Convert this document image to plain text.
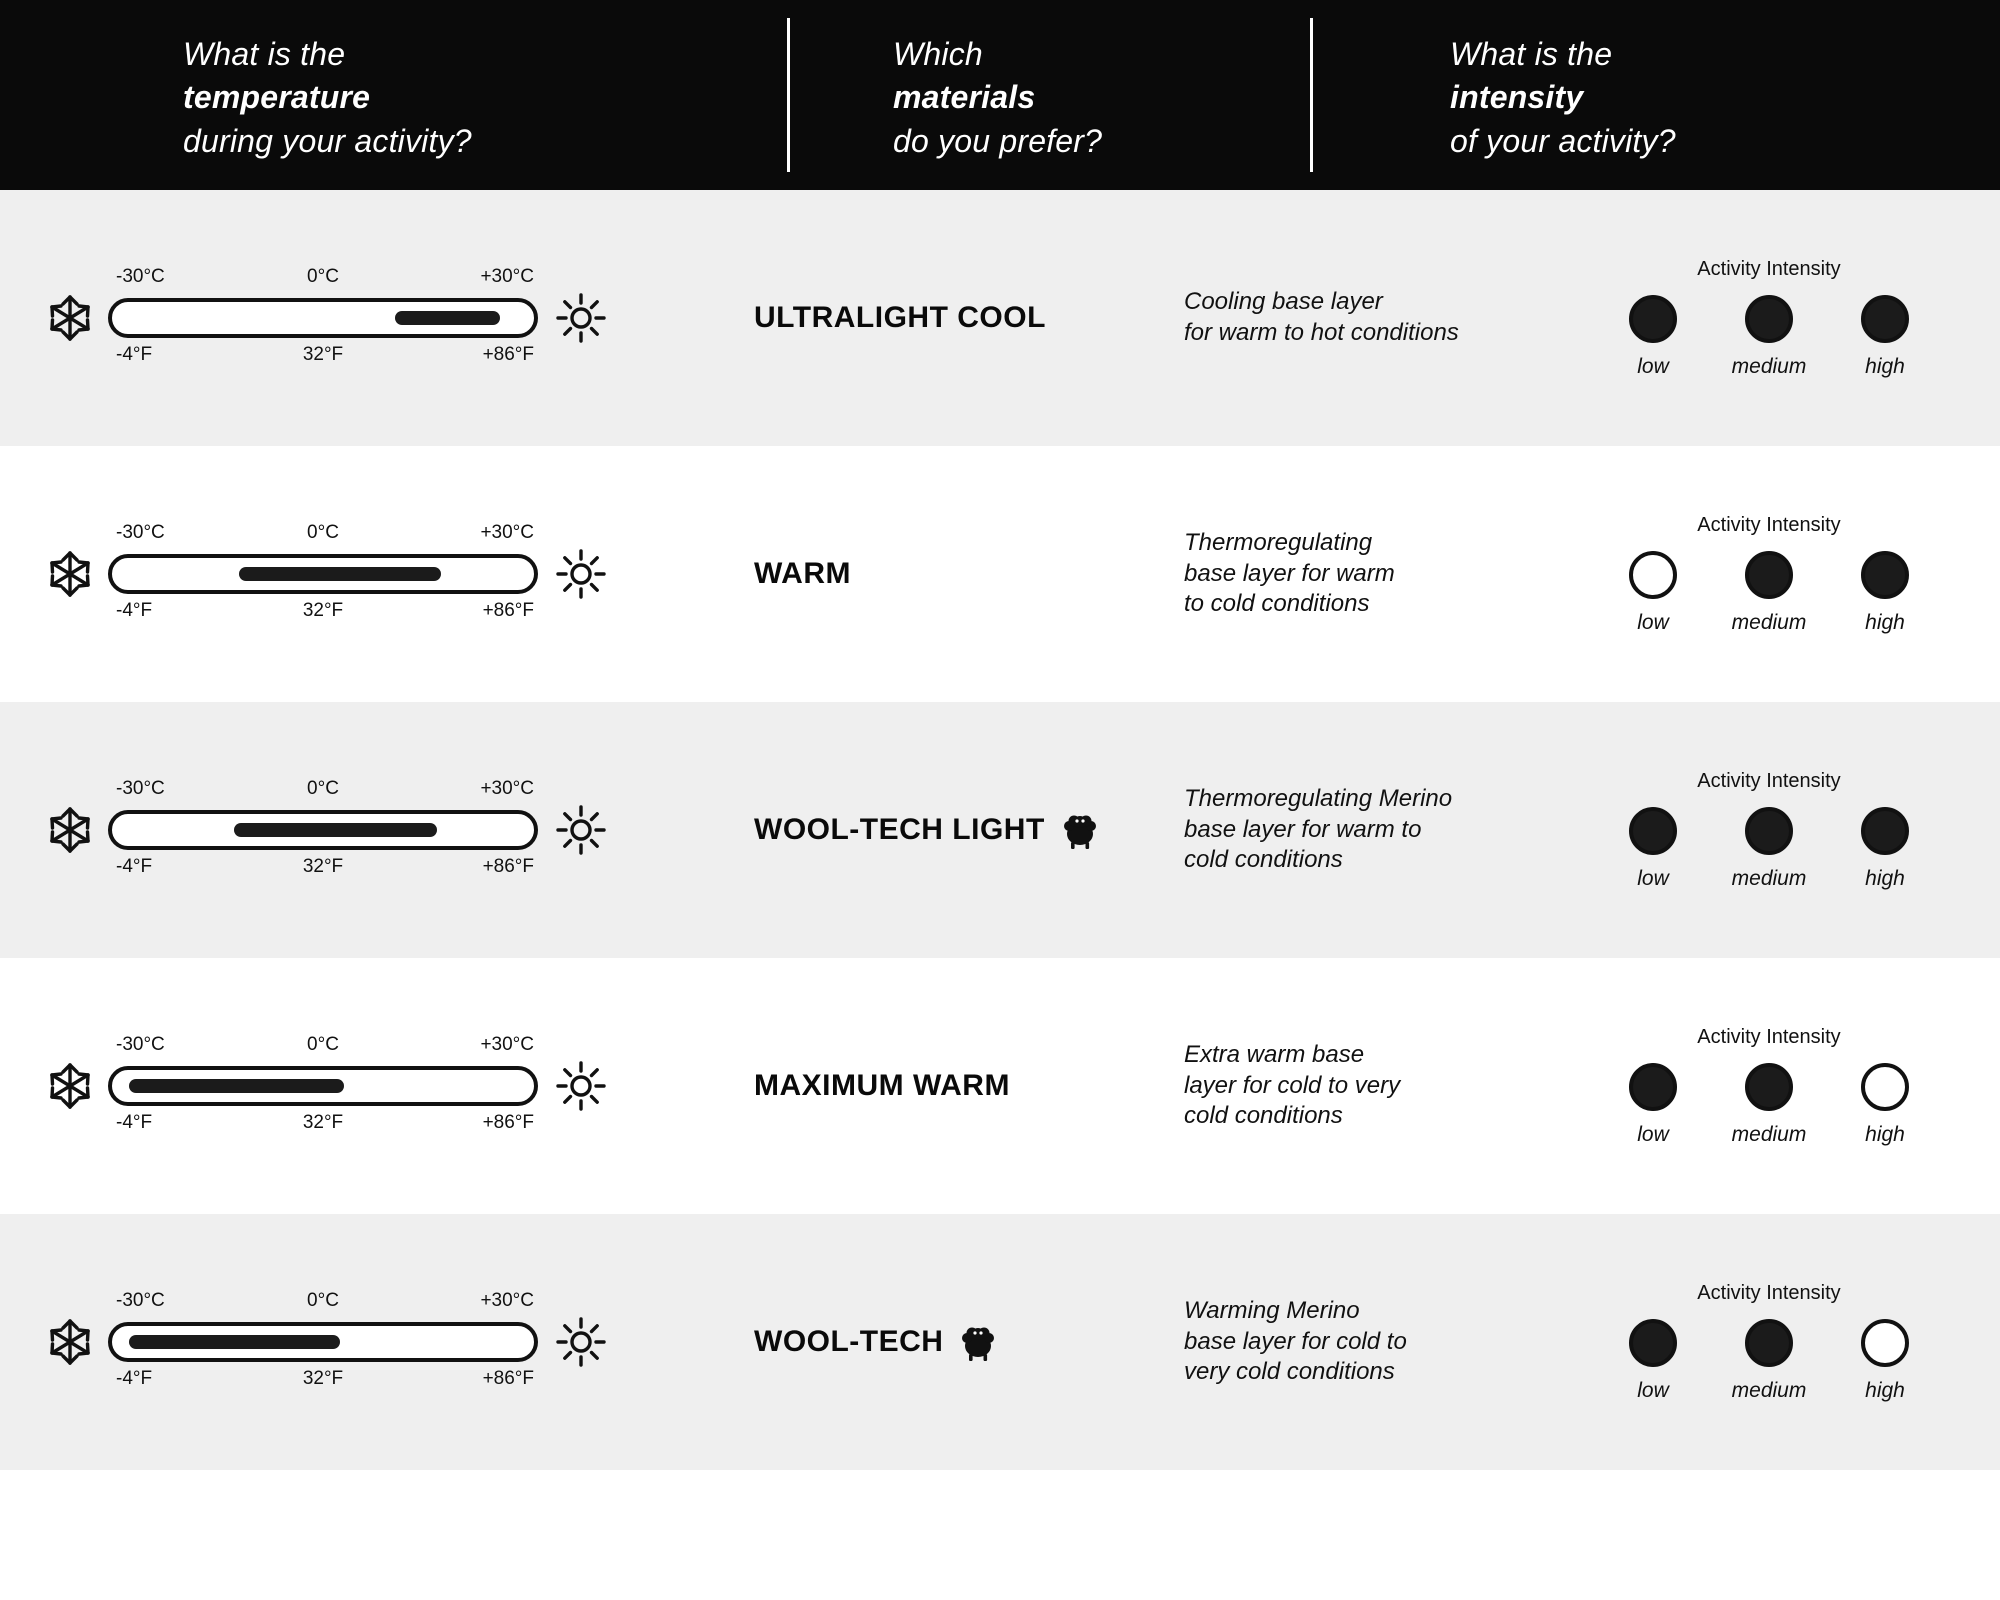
What is the
temperature
during your activity?
Which
materials
do you prefer?
What is the
intensity
of your activity?
-30°C	0°C	+30°C
-4°F	32°F	+86°F
ULTRALIGHT COOL	Cooling base layer
for warm to hot conditions
Activity Intensity
low	medium	high
-30°C	0°C	+30°C
-4°F	32°F	+86°F
WARM
Thermoregulating
base layer for warm
to cold conditions
Activity Intensity
low	medium	high
-30°C	0°C	+30°C
-4°F	32°F	+86°F
WOOL-TECH LIGHT
Thermoregulating Merino
base layer for warm to
cold conditions
Activity Intensity
low	medium	high
-30°C	0°C	+30°C
-4°F	32°F	+86°F
MAXIMUM WARM
Extra warm base
layer for cold to very
cold conditions
Activity Intensity
low	medium	high
-30°C	0°C	+30°C
-4°F	32°F	+86°F
WOOL-TECH
Warming Merino
base layer for cold to
very cold conditions
Activity Intensity
low	medium	high
